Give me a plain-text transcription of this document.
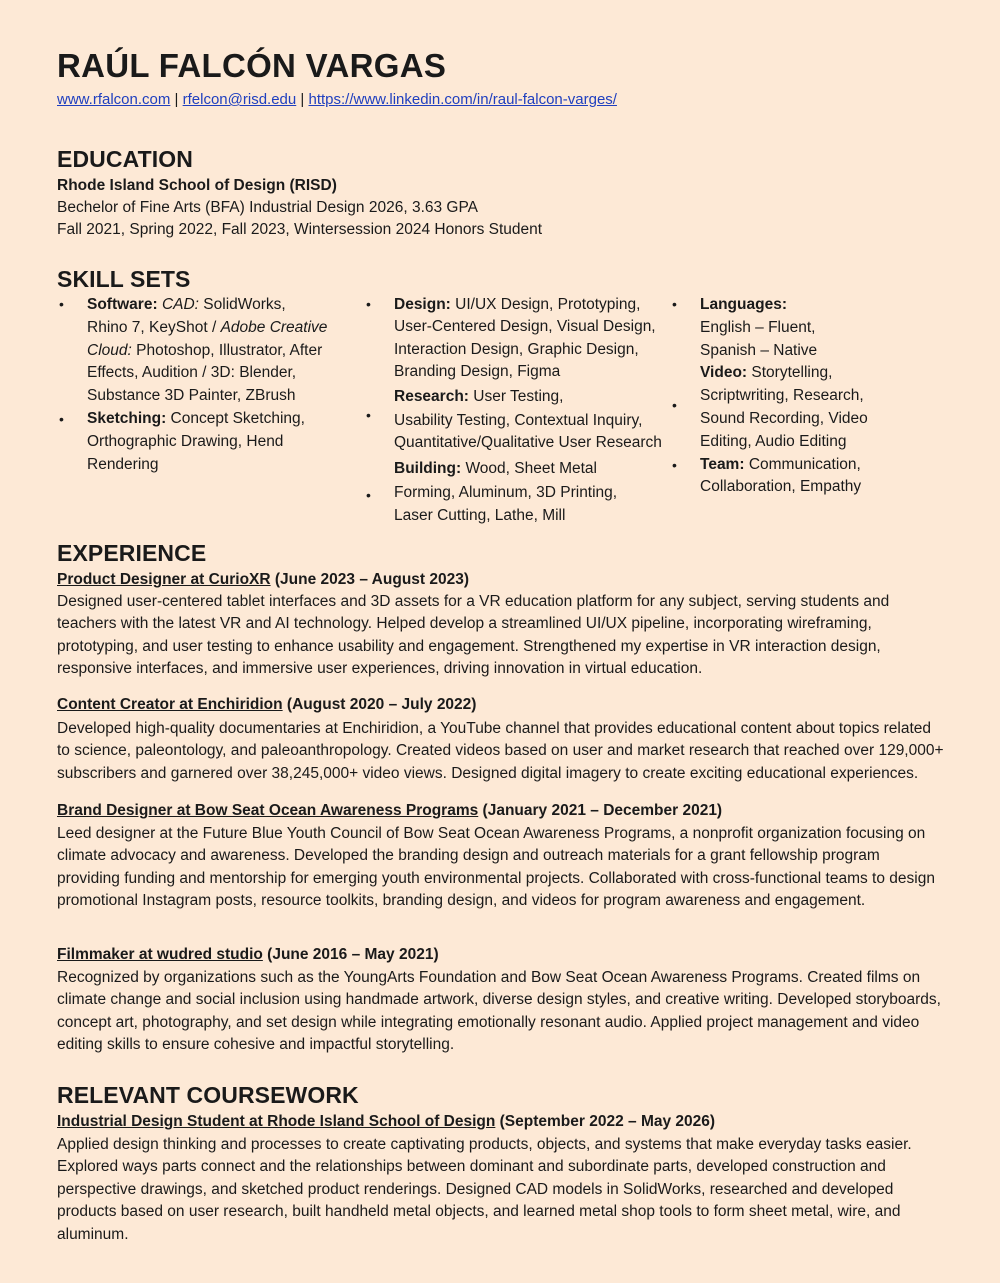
RAÚL FALCÓN VARGAS
www.rfalcon.com | rfelcon@risd.edu | https://www.linkedin.com/in/raul-falcon-varges/
EDUCATION
Rhode Island School of Design (RISD)
Bechelor of Fine Arts (BFA) Industrial Design 2026, 3.63 GPA
Fall 2021, Spring 2022, Fall 2023, Wintersession 2024 Honors Student
SKILL SETS
•
•
Software: CAD: SolidWorks,
Rhino 7, KeyShot / Adobe Creative
Cloud: Photoshop, Illustrator, After
Effects, Audition / 3D: Blender,
Substance 3D Painter, ZBrush
Sketching: Concept Sketching,
Orthographic Drawing, Hend
Rendering
•
•
•
Design: UI/UX Design, Prototyping,
User-Centered Design, Visual Design,
Interaction Design, Graphic Design,
Branding Design, Figma
Research: User Testing,
Usability Testing, Contextual Inquiry,
Quantitative/Qualitative User Research
Building: Wood, Sheet Metal
Forming, Aluminum, 3D Printing,
Laser Cutting, Lathe, Mill
•
•
•
Languages:
English – Fluent,
Spanish – Native
Video: Storytelling,
Scriptwriting, Research,
Sound Recording, Video
Editing, Audio Editing
Team: Communication,
Collaboration, Empathy
EXPERIENCE
Product Designer at CurioXR (June 2023 – August 2023)
Designed user-centered tablet interfaces and 3D assets for a VR education platform for any subject, serving students and teachers with the latest VR and AI technology. Helped develop a streamlined UI/UX pipeline, incorporating wireframing, prototyping, and user testing to enhance usability and engagement. Strengthened my expertise in VR interaction design, responsive interfaces, and immersive user experiences, driving innovation in virtual education.
Content Creator at Enchiridion (August 2020 – July 2022)
Developed high-quality documentaries at Enchiridion, a YouTube channel that provides educational content about topics related to science, paleontology, and paleoanthropology. Created videos based on user and market research that reached over 129,000+ subscribers and garnered over 38,245,000+ video views. Designed digital imagery to create exciting educational experiences.
Brand Designer at Bow Seat Ocean Awareness Programs (January 2021 – December 2021)
Leed designer at the Future Blue Youth Council of Bow Seat Ocean Awareness Programs, a nonprofit organization focusing on climate advocacy and awareness. Developed the branding design and outreach materials for a grant fellowship program providing funding and mentorship for emerging youth environmental projects. Collaborated with cross-functional teams to design promotional Instagram posts, resource toolkits, branding design, and videos for program awareness and engagement.
Filmmaker at wudred studio (June 2016 – May 2021)
Recognized by organizations such as the YoungArts Foundation and Bow Seat Ocean Awareness Programs. Created films on climate change and social inclusion using handmade artwork, diverse design styles, and creative writing. Developed storyboards, concept art, photography, and set design while integrating emotionally resonant audio. Applied project management and video editing skills to ensure cohesive and impactful storytelling.
RELEVANT COURSEWORK
Industrial Design Student at Rhode Island School of Design (September 2022 – May 2026)
Applied design thinking and processes to create captivating products, objects, and systems that make everyday tasks easier. Explored ways parts connect and the relationships between dominant and subordinate parts, developed construction and perspective drawings, and sketched product renderings. Designed CAD models in SolidWorks, researched and developed products based on user research, built handheld metal objects, and learned metal shop tools to form sheet metal, wire, and aluminum.
